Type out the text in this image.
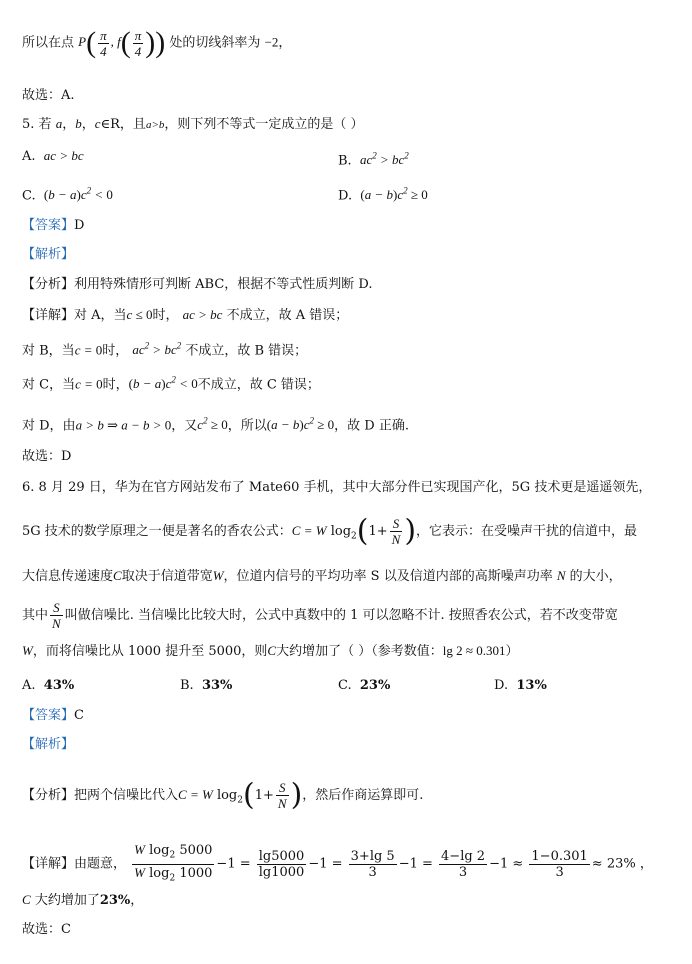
所以在点 $P( \frac{\pi}{4}$ , $f( \frac{\pi}{4}$ )) 处的切线斜率为 −2，
故选：A.
5. 若 a，b，c∈R，且a>b，则下列不等式一定成立的是（ ）
A. ac > bc	B. $ac^2 > bc^2$
C. $(b - a)c^2 < 0$	D. $(a - b)c^2 \ge 0$
【答案】D
【解析】
【分析】利用特殊情形可判断 ABC，根据不等式性质判断 D.
【详解】对 A，当c ≤ 0时， ac > bc 不成立，故 A 错误；
对 B，当c = 0时， $ac^2 > bc^2$ 不成立，故 B 错误；
对 C，当c = 0时，$(b - a)c^2 < 0$不成立，故 C 错误；
对 D，由a > b ⇒ a − b > 0，又$c^2 \ge 0$，所以$(a - b)c^2 \ge 0$，故 D 正确.
故选：D
6. 8 月 29 日，华为在官方网站发布了 Mate60 手机，其中大部分件已实现国产化，5G 技术更是遥遥领先，
5G 技术的数学原理之一便是著名的香农公式：C = W $\log_2(1+ \frac{S}{N}$ )，它表示：在受噪声干扰的信道中，最
大信息传递速度C取决于信道带宽W，位道内信号的平均功率 S 以及信道内部的高斯噪声功率 N 的大小，
其中 $\frac{S}{N}$ 叫做信噪比. 当信噪比比较大时，公式中真数中的 1 可以忽略不计. 按照香农公式，若不改变带宽
W，而将信噪比从 1000 提升至 5000，则C大约增加了（ ）（参考数值：lg 2 ≈ 0.301）
A. 43%	B. 33%	C. 23%	D. 13%
【答案】C
【解析】
【分析】把两个信噪比代入C = W $\log_2(1+ \frac{S}{N}$ )，然后作商运算即可.
【详解】由题意， $\frac{W \log_2 5000}{W \log_2 1000} -1 = \frac{\lg 5000}{\lg 1000} -1 = \frac{3+\lg 5}{3} -1 = \frac{4-\lg 2}{3} -1 \approx \frac{1-0.301}{3} \approx 23\%$ ，
C 大约增加了23%，
故选：C
